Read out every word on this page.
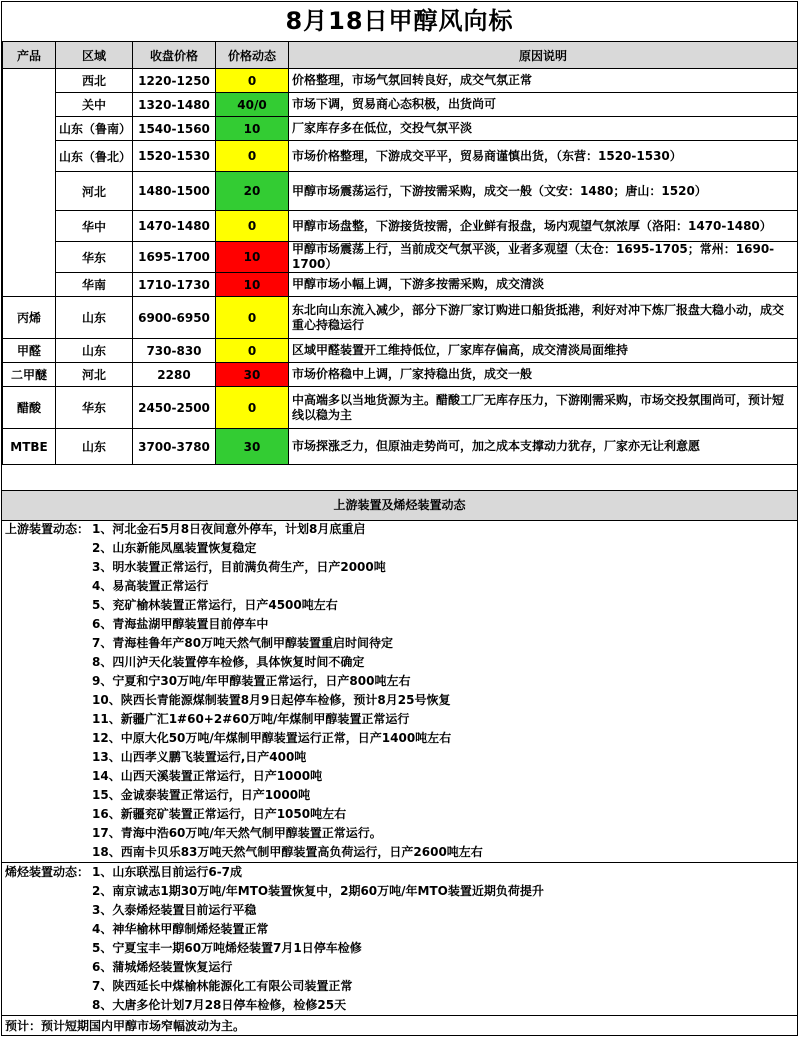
8月18日甲醇风向标
产品	区域	收盘价格	价格动态	原因说明
	西北	1220-1250	0	价格整理，市场气氛回转良好，成交气氛正常
	关中	1320-1480	40/0	市场下调，贸易商心态积极，出货尚可
	山东（鲁南）	1540-1560	10	厂家库存多在低位，交投气氛平淡
	山东（鲁北）	1520-1530	0	市场价格整理，下游成交平平，贸易商谨慎出货，（东营：1520-1530）
	河北	1480-1500	20	甲醇市场震荡运行，下游按需采购，成交一般（文安：1480；唐山：1520）
	华中	1470-1480	0	甲醇市场盘整，下游接货按需，企业鲜有报盘，场内观望气氛浓厚（洛阳：1470-1480）
	华东	1695-1700	10	甲醇市场震荡上行，当前成交气氛平淡，业者多观望（太仓：1695-1705；常州：1690-1700）
	华南	1710-1730	10	甲醇市场小幅上调，下游多按需采购，成交清淡
丙烯	山东	6900-6950	0	东北向山东流入减少，部分下游厂家订购进口船货抵港，利好对冲下炼厂报盘大稳小动，成交重心持稳运行
甲醛	山东	730-830	0	区域甲醛装置开工维持低位，厂家库存偏高，成交清淡局面维持
二甲醚	河北	2280	30	市场价格稳中上调，厂家持稳出货，成交一般
醋酸	华东	2450-2500	0	中高端多以当地货源为主。醋酸工厂无库存压力，下游刚需采购，市场交投氛围尚可，预计短线以稳为主
MTBE	山东	3700-3780	30	市场探涨乏力，但原油走势尚可，加之成本支撑动力犹存，厂家亦无让利意愿
上游装置及烯烃装置动态
上游装置动态： 1、河北金石5月8日夜间意外停车，计划8月底重启
2、山东新能凤凰装置恢复稳定
3、明水装置正常运行，目前满负荷生产，日产2000吨
4、易高装置正常运行
5、兖矿榆林装置正常运行，日产4500吨左右
6、青海盐湖甲醇装置目前停车中
7、青海桂鲁年产80万吨天然气制甲醇装置重启时间待定
8、四川泸天化装置停车检修，具体恢复时间不确定
9、宁夏和宁30万吨/年甲醇装置正常运行，日产800吨左右
10、陕西长青能源煤制装置8月9日起停车检修，预计8月25号恢复
11、新疆广汇1#60+2#60万吨/年煤制甲醇装置正常运行
12、中原大化50万吨/年煤制甲醇装置运行正常，日产1400吨左右
13、山西孝义鹏飞装置运行,日产400吨
14、山西天溪装置正常运行，日产1000吨
15、金诚泰装置正常运行，日产1000吨
16、新疆兖矿装置正常运行，日产1050吨左右
17、青海中浩60万吨/年天然气制甲醇装置正常运行。
18、西南卡贝乐83万吨天然气制甲醇装置高负荷运行，日产2600吨左右
烯烃装置动态： 1、山东联泓目前运行6-7成
2、南京诚志1期30万吨/年MTO装置恢复中，2期60万吨/年MTO装置近期负荷提升
3、久泰烯烃装置目前运行平稳
4、神华榆林甲醇制烯烃装置正常
5、宁夏宝丰一期60万吨烯烃装置7月1日停车检修
6、蒲城烯烃装置恢复运行
7、陕西延长中煤榆林能源化工有限公司装置正常
8、大唐多伦计划7月28日停车检修，检修25天
预计：预计短期国内甲醇市场窄幅波动为主。
